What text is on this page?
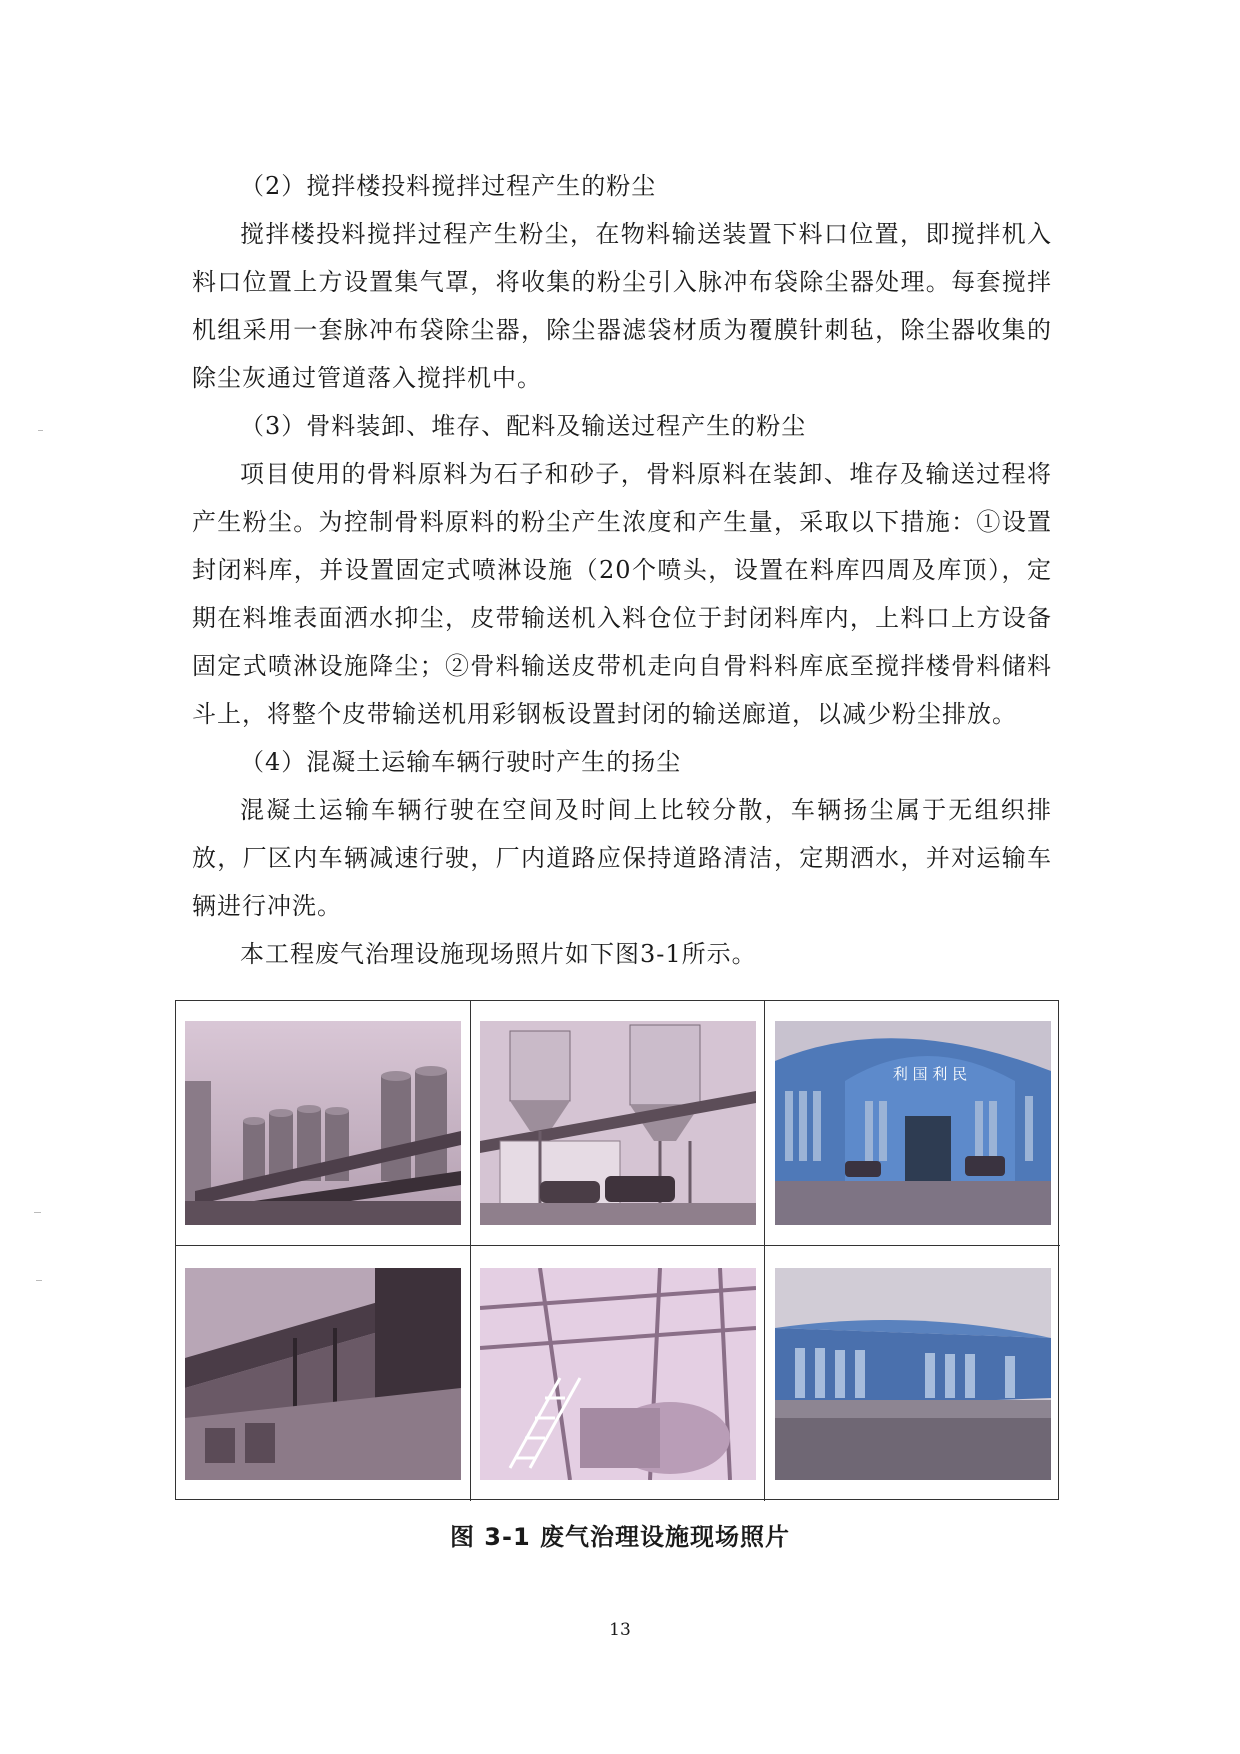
（2）搅拌楼投料搅拌过程产生的粉尘

搅拌楼投料搅拌过程产生粉尘，在物料输送装置下料口位置，即搅拌机入料口位置上方设置集气罩，将收集的粉尘引入脉冲布袋除尘器处理。每套搅拌机组采用一套脉冲布袋除尘器，除尘器滤袋材质为覆膜针刺毡，除尘器收集的除尘灰通过管道落入搅拌机中。

（3）骨料装卸、堆存、配料及输送过程产生的粉尘

项目使用的骨料原料为石子和砂子，骨料原料在装卸、堆存及输送过程将产生粉尘。为控制骨料原料的粉尘产生浓度和产生量，采取以下措施：①设置封闭料库，并设置固定式喷淋设施（20个喷头，设置在料库四周及库顶），定期在料堆表面洒水抑尘，皮带输送机入料仓位于封闭料库内，上料口上方设备固定式喷淋设施降尘；②骨料输送皮带机走向自骨料料库底至搅拌楼骨料储料斗上，将整个皮带输送机用彩钢板设置封闭的输送廊道，以减少粉尘排放。

（4）混凝土运输车辆行驶时产生的扬尘

混凝土运输车辆行驶在空间及时间上比较分散，车辆扬尘属于无组织排放，厂区内车辆减速行驶，厂内道路应保持道路清洁，定期洒水，并对运输车辆进行冲洗。

本工程废气治理设施现场照片如下图3-1所示。

利 国 利 民
图 3-1 废气治理设施现场照片
13
